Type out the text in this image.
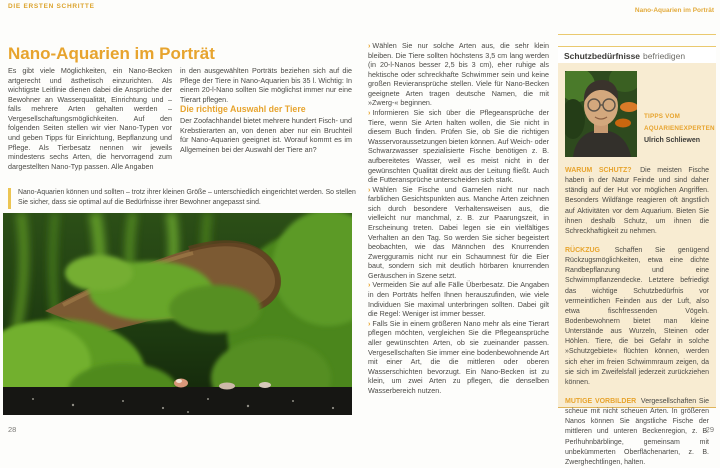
DIE ERSTEN SCHRITTE
Nano-Aquarien im Porträt
Nano-Aquarien im Porträt

Es gibt viele Möglichkeiten, ein Nano-Becken artgerecht und ästhetisch einzurichten. Als wichtigste Leitlinie dienen dabei die Ansprüche der Bewohner an Wasserqualität, Einrichtung und – falls mehrere Arten gehalten werden – Vergesellschaftungsmöglichkeiten. Auf den folgenden Seiten stellen wir vier Nano-Typen vor und geben Tipps für Einrichtung, Bepflanzung und Pflege. Als Tierbesatz nennen wir jeweils mindestens sechs Arten, die hervorragend zum dargestellten Nano-Typ passen. Alle Angaben

in den ausgewählten Porträts beziehen sich auf die Pflege der Tiere in Nano-Aquarien bis 35 l. Wichtig: In einem 20-l-Nano sollten Sie möglichst immer nur eine Tierart pflegen.

Die richtige Auswahl der Tiere

Der Zoofachhandel bietet mehrere hundert Fisch- und Krebstierarten an, von denen aber nur ein Bruchteil für Nano-Aquarien geeignet ist. Worauf kommt es im Allgemeinen bei der Auswahl der Tiere an?

Nano-Aquarien können und sollten – trotz ihrer kleinen Größe – unterschiedlich eingerichtet werden. So stellen Sie sicher, dass sie optimal auf die Bedürfnisse ihrer Bewohner angepasst sind.
28	29

› Wählen Sie nur solche Arten aus, die sehr klein bleiben. Die Tiere sollten höchstens 3,5 cm lang werden (in 20-l-Nanos besser 2,5 bis 3 cm), eher ruhige als hektische oder schreckhafte Schwimmer sein und keine großen Revieransprüche stellen. Viele für Nano-Becken geeignete Arten tragen deutsche Namen, die mit »Zwerg-« beginnen.

› Informieren Sie sich über die Pflegeansprüche der Tiere, wenn Sie Arten halten wollen, die Sie nicht in diesem Buch finden. Prüfen Sie, ob Sie die richtigen Wasservoraussetzungen bieten können. Auf Weich- oder Schwarzwasser spezialisierte Fische benötigen z. B. aufbereitetes Wasser, weil es meist nicht in der gewünschten Qualität direkt aus der Leitung fließt. Auch die Futteransprüche unterscheiden sich stark.

› Wählen Sie Fische und Garnelen nicht nur nach farblichen Gesichtspunkten aus. Manche Arten zeichnen sich durch besondere Verhaltensweisen aus, die vielleicht nur manchmal, z. B. zur Paarungszeit, in Erscheinung treten. Dabei legen sie ein vielfältiges Verhalten an den Tag. So werden Sie sicher begeistert beobachten, wie das Männchen des Knurrenden Zwergguramis nicht nur ein Schaumnest für die Eier baut, sondern sich mit deutlich hörbaren knurrenden Geräuschen in Szene setzt.

› Vermeiden Sie auf alle Fälle Überbesatz. Die Angaben in den Porträts helfen Ihnen herauszufinden, wie viele Individuen Sie maximal unterbringen sollten. Dabei gilt die Regel: Weniger ist immer besser.

› Falls Sie in einem größeren Nano mehr als eine Tierart pflegen möchten, vergleichen Sie die Pflegeansprüche aller gewünschten Arten, ob sie zueinander passen. Vergesellschaften Sie immer eine bodenbewohnende Art mit einer Art, die die mittleren oder oberen Wasserschichten bevorzugt. Ein Nano-Becken ist zu klein, um zwei Arten zu pflegen, die denselben Wasserbereich nutzen.

Schutzbedürfnisse befriedigen
TIPPS VOM
AQUARIENEXPERTEN
Ulrich Schliewen

WARUM SCHUTZ? Die meisten Fische haben in der Natur Feinde und sind daher ständig auf der Hut vor möglichen Angriffen. Besonders Wildfänge reagieren oft ängstlich auf Aktivitäten vor dem Aquarium. Bieten Sie ihnen deshalb Schutz, um ihnen die Schreckhaftigkeit zu nehmen.

RÜCKZUG Schaffen Sie genügend Rückzugsmöglichkeiten, etwa eine dichte Randbepflanzung und eine Schwimmpflanzendecke. Letztere befriedigt das wichtige Schutzbedürfnis vor vermeintlichen Feinden aus der Luft, also etwa fischfressenden Vögeln. Bodenbewohnern bietet man kleine Unterstände aus Wurzeln, Steinen oder Höhlen. Tiere, die bei Gefahr in solche »Schutzgebiete« flüchten können, werden sich eher im freien Schwimmraum zeigen, da sie sich im Zweifelsfall jederzeit zurückziehen können.

MUTIGE VORBILDER Vergesellschaften Sie scheue mit nicht scheuen Arten. In größeren Nanos können Sie ängstliche Fische der mittleren und unteren Beckenregion, z. B. Perlhuhnbärblinge, gemeinsam mit unbekümmerten Oberflächenarten, z. B. Zwerghechtlingen, halten.
